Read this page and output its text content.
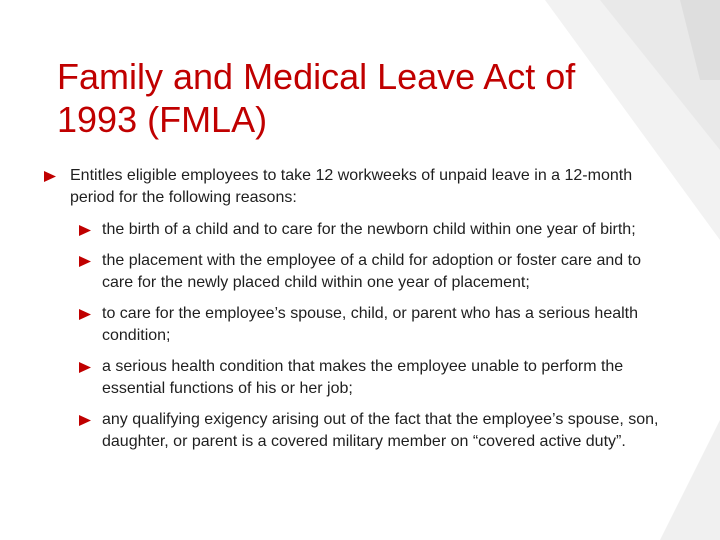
Family and Medical Leave Act of 1993 (FMLA)
Entitles eligible employees to take 12 workweeks of unpaid leave in a 12-month period for the following reasons:
the birth of a child and to care for the newborn child within one year of birth;
the placement with the employee of a child for adoption or foster care and to care for the newly placed child within one year of placement;
to care for the employee’s spouse, child, or parent who has a serious health condition;
a serious health condition that makes the employee unable to perform the essential functions of his or her job;
any qualifying exigency arising out of the fact that the employee’s spouse, son, daughter, or parent is a covered military member on “covered active duty”.
